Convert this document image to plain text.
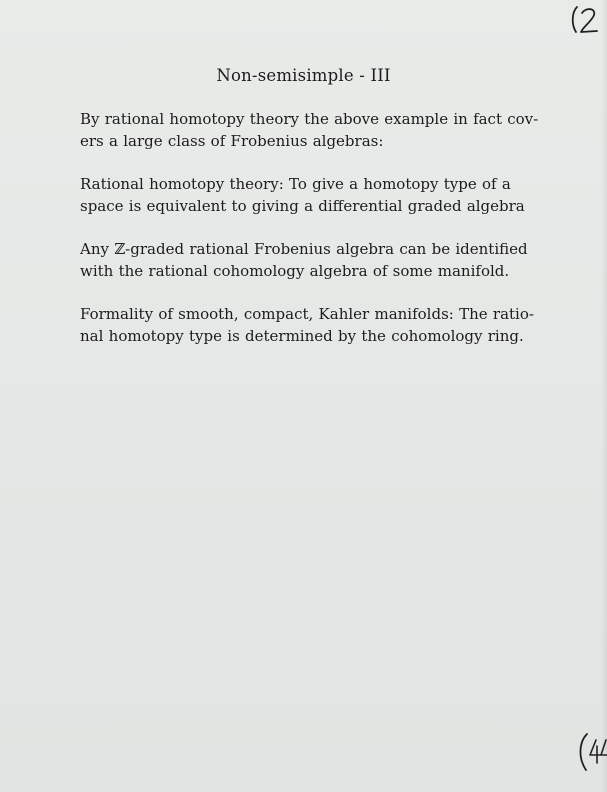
Non-semisimple - III

By rational homotopy theory the above example in fact cov-
ers a large class of Frobenius algebras:

Rational homotopy theory: To give a homotopy type of a
space is equivalent to giving a differential graded algebra

Any ℤ-graded rational Frobenius algebra can be identified
with the rational cohomology algebra of some manifold.

Formality of smooth, compact, Kahler manifolds: The ratio-
nal homotopy type is determined by the cohomology ring.
